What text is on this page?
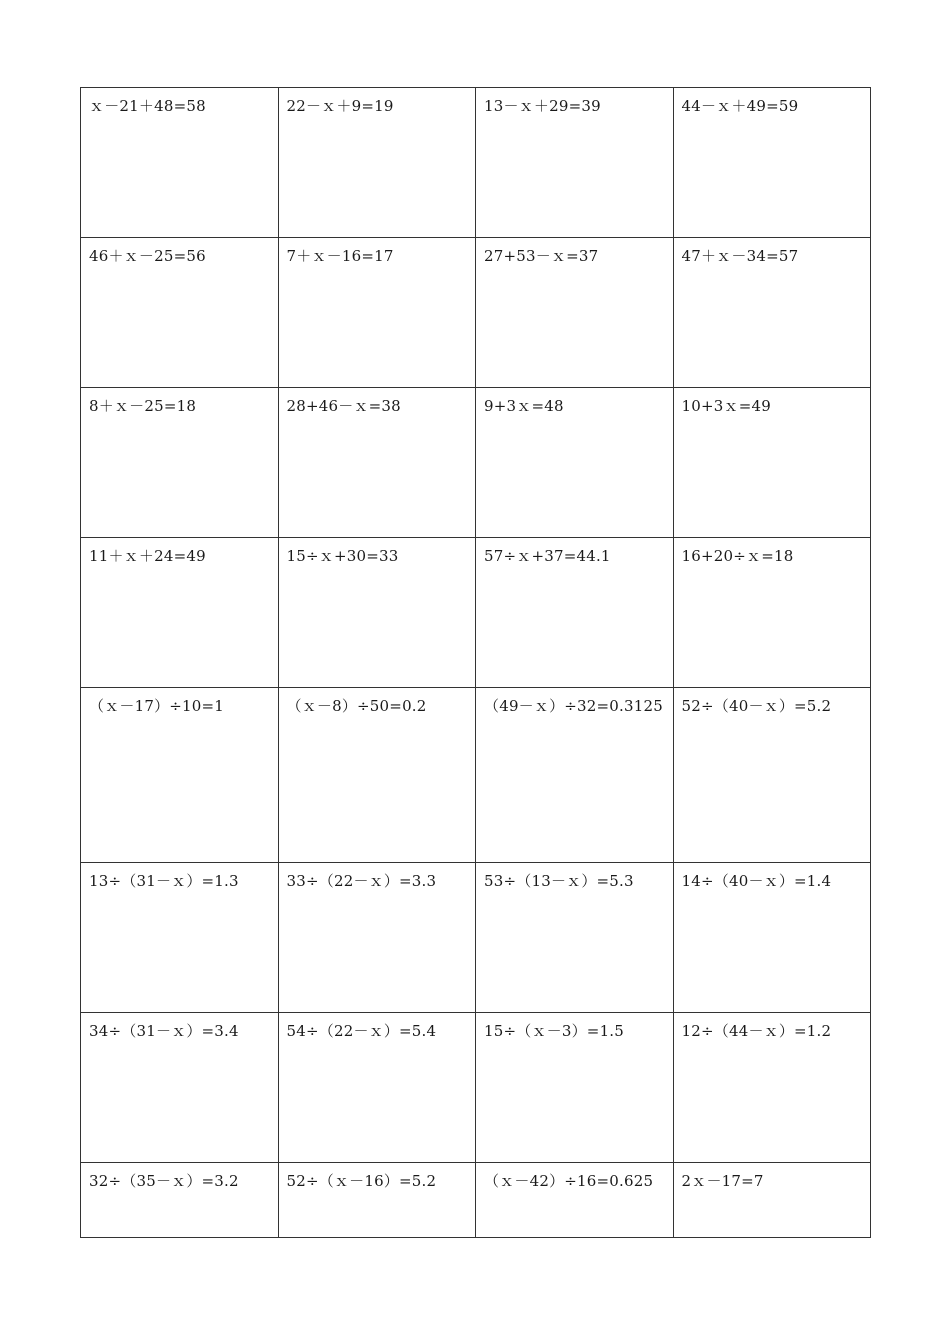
ｘ－21＋48=58	22－ｘ＋9=19	13－ｘ＋29=39	44－ｘ＋49=59
46＋ｘ－25=56	7＋ｘ－16=17	27+53－ｘ=37	47＋ｘ－34=57
8＋ｘ－25=18	28+46－ｘ=38	9+3ｘ=48	10+3ｘ=49
11＋ｘ＋24=49	15÷ｘ+30=33	57÷ｘ+37=44.1	16+20÷ｘ=18
（ｘ－17）÷10=1	（ｘ－8）÷50=0.2	（49－ｘ）÷32=0.3125	52÷（40－ｘ）=5.2
13÷（31－ｘ）=1.3	33÷（22－ｘ）=3.3	53÷（13－ｘ）=5.3	14÷（40－ｘ）=1.4
34÷（31－ｘ）=3.4	54÷（22－ｘ）=5.4	15÷（ｘ－3）=1.5	12÷（44－ｘ）=1.2
32÷（35－ｘ）=3.2	52÷（ｘ－16）=5.2	（ｘ－42）÷16=0.625	2ｘ－17=7
